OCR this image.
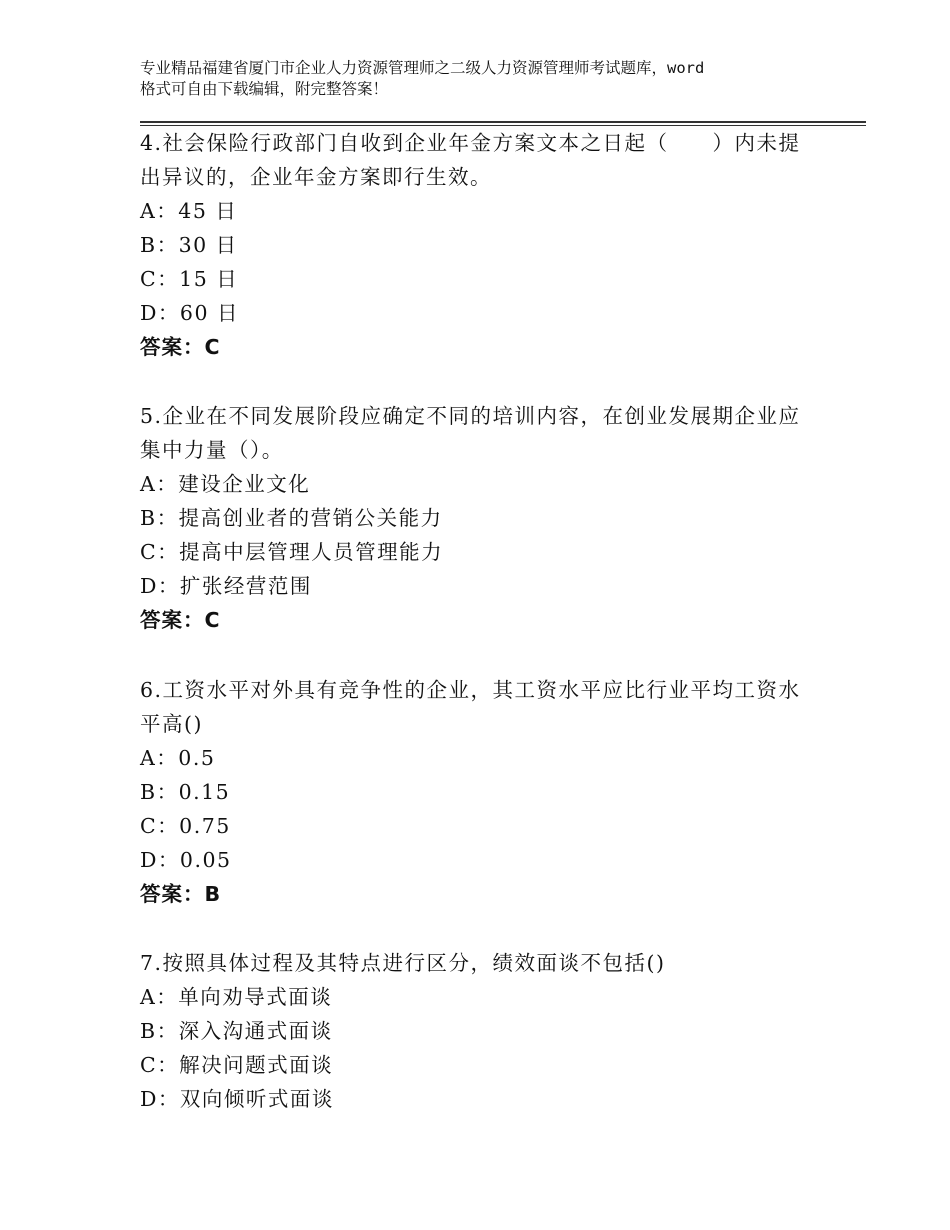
专业精品福建省厦门市企业人力资源管理师之二级人力资源管理师考试题库，word
格式可自由下载编辑，附完整答案！

4.社会保险行政部门自收到企业年金方案文本之日起（　　）内未提

出异议的，企业年金方案即行生效。

A：45 日

B：30 日

C：15 日

D：60 日

答案：C

5.企业在不同发展阶段应确定不同的培训内容，在创业发展期企业应

集中力量（）。

A：建设企业文化

B：提高创业者的营销公关能力

C：提高中层管理人员管理能力

D：扩张经营范围

答案：C

6.工资水平对外具有竞争性的企业，其工资水平应比行业平均工资水

平高()

A：0.5

B：0.15

C：0.75

D：0.05

答案：B

7.按照具体过程及其特点进行区分，绩效面谈不包括()

A：单向劝导式面谈

B：深入沟通式面谈

C：解决问题式面谈

D：双向倾听式面谈
